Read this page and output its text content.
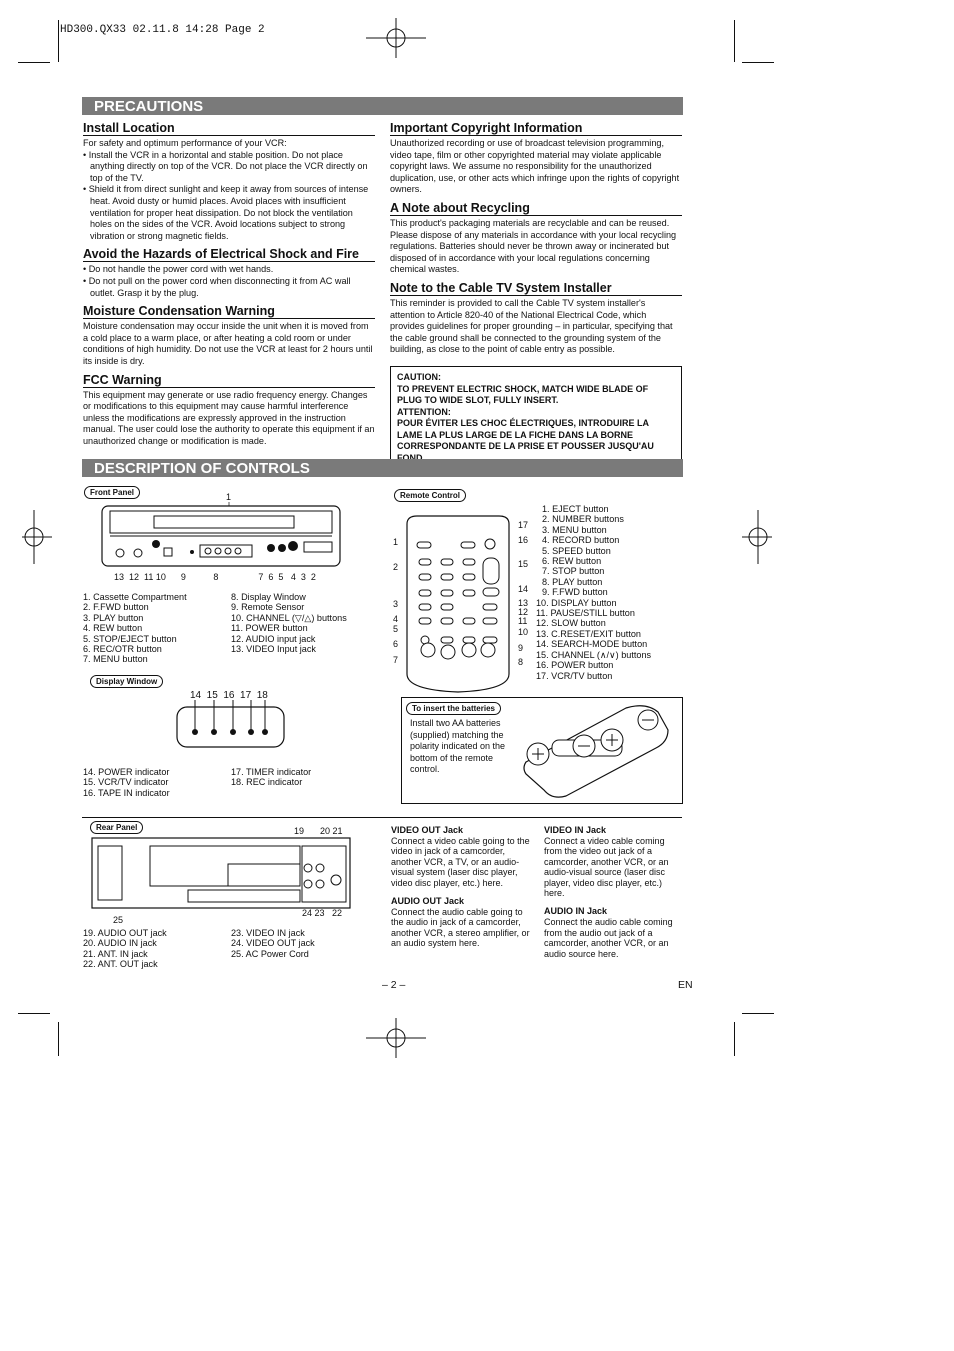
HD300.QX33 02.11.8 14:28 Page 2
PRECAUTIONS
Install Location
For safety and optimum performance of your VCR:
• Install the VCR in a horizontal and stable position. Do not place anything directly on top of the VCR. Do not place the VCR directly on top of the TV.
• Shield it from direct sunlight and keep it away from sources of intense heat. Avoid dusty or humid places. Avoid places with insufficient ventilation for proper heat dissipation. Do not block the ventilation holes on the sides of the VCR. Avoid locations subject to strong vibration or strong magnetic fields.
Avoid the Hazards of Electrical Shock and Fire
• Do not handle the power cord with wet hands.
• Do not pull on the power cord when disconnecting it from AC wall outlet. Grasp it by the plug.
Moisture Condensation Warning
Moisture condensation may occur inside the unit when it is moved from a cold place to a warm place, or after heating a cold room or under conditions of high humidity. Do not use the VCR at least for 2 hours until its inside is dry.
FCC Warning
This equipment may generate or use radio frequency energy. Changes or modifications to this equipment may cause harmful interference unless the modifications are expressly approved in the instruction manual. The user could lose the authority to operate this equipment if an unauthorized change or modification is made.
Important Copyright Information
Unauthorized recording or use of broadcast television programming, video tape, film or other copyrighted material may violate applicable copyright laws. We assume no responsibility for the unauthorized duplication, use, or other acts which infringe upon the rights of copyright owners.
A Note about Recycling
This product's packaging materials are recyclable and can be reused. Please dispose of any materials in accordance with your local recycling regulations. Batteries should never be thrown away or incinerated but disposed of in accordance with your local regulations concerning chemical wastes.
Note to the Cable TV System Installer
This reminder is provided to call the Cable TV system installer's attention to Article 820-40 of the National Electrical Code, which provides guidelines for proper grounding – in particular, specifying that the cable ground shall be connected to the grounding system of the building, as close to the point of cable entry as possible.
CAUTION:
TO PREVENT ELECTRIC SHOCK, MATCH WIDE BLADE OF PLUG TO WIDE SLOT, FULLY INSERT.
ATTENTION:
POUR ÉVITER LES CHOC ÉLECTRIQUES, INTRODUIRE LA LAME LA PLUS LARGE DE LA FICHE DANS LA BORNE CORRESPONDANTE DE LA PRISE ET POUSSER JUSQU'AU
DESCRIPTION OF CONTROLS
Front Panel	1
13  12  11 10      9           8                7  6  5   4  3  2
1. Cassette Compartment
2. F.FWD button
3. PLAY button
4. REW button
5. STOP/EJECT button
6. REC/OTR button
7. MENU button
8. Display Window
9. Remote Sensor
10. CHANNEL (▽/△) buttons
11. POWER button
12. AUDIO input jack
13. VIDEO Input jack
Display Window
14  15  16  17  18
14. POWER indicator
15. VCR/TV indicator
16. TAPE IN indicator
17. TIMER indicator
18. REC indicator
Remote Control
1
2
3
4
5
6
7
17
16
15
14
13
12
11
10
9
8
1. EJECT button
2. NUMBER buttons
3. MENU button
4. RECORD button
5. SPEED button
6. REW button
7. STOP button
8. PLAY button
9. F.FWD button
10. DISPLAY button
11. PAUSE/STILL button
12. SLOW button
13. C.RESET/EXIT button
14. SEARCH-MODE button
15. CHANNEL (∧/∨) buttons
16. POWER button
17. VCR/TV button
To insert the batteries
Install two AA batteries (supplied) matching the polarity indicated on the bottom of the remote control.
Rear Panel	19 20 21
25
24 23 22
19. AUDIO OUT jack
20. AUDIO IN jack
21. ANT. IN jack
22. ANT. OUT jack
23. VIDEO IN jack
24. VIDEO OUT jack
25. AC Power Cord
VIDEO OUT Jack
Connect a video cable going to the video in jack of a camcorder, another VCR, a TV, or an audio-visual system (laser disc player, video disc player, etc.) here.
AUDIO OUT Jack
Connect the audio cable going to the audio in jack of a camcorder, another VCR, a stereo amplifier, or an audio system here.
VIDEO IN Jack
Connect a video cable coming from the video out jack of a camcorder, another VCR, or an audio-visual source (laser disc player, video disc player, etc.) here.
AUDIO IN Jack
Connect the audio cable coming from the audio out jack of a camcorder, another VCR, or an audio source here.
– 2 –	EN
